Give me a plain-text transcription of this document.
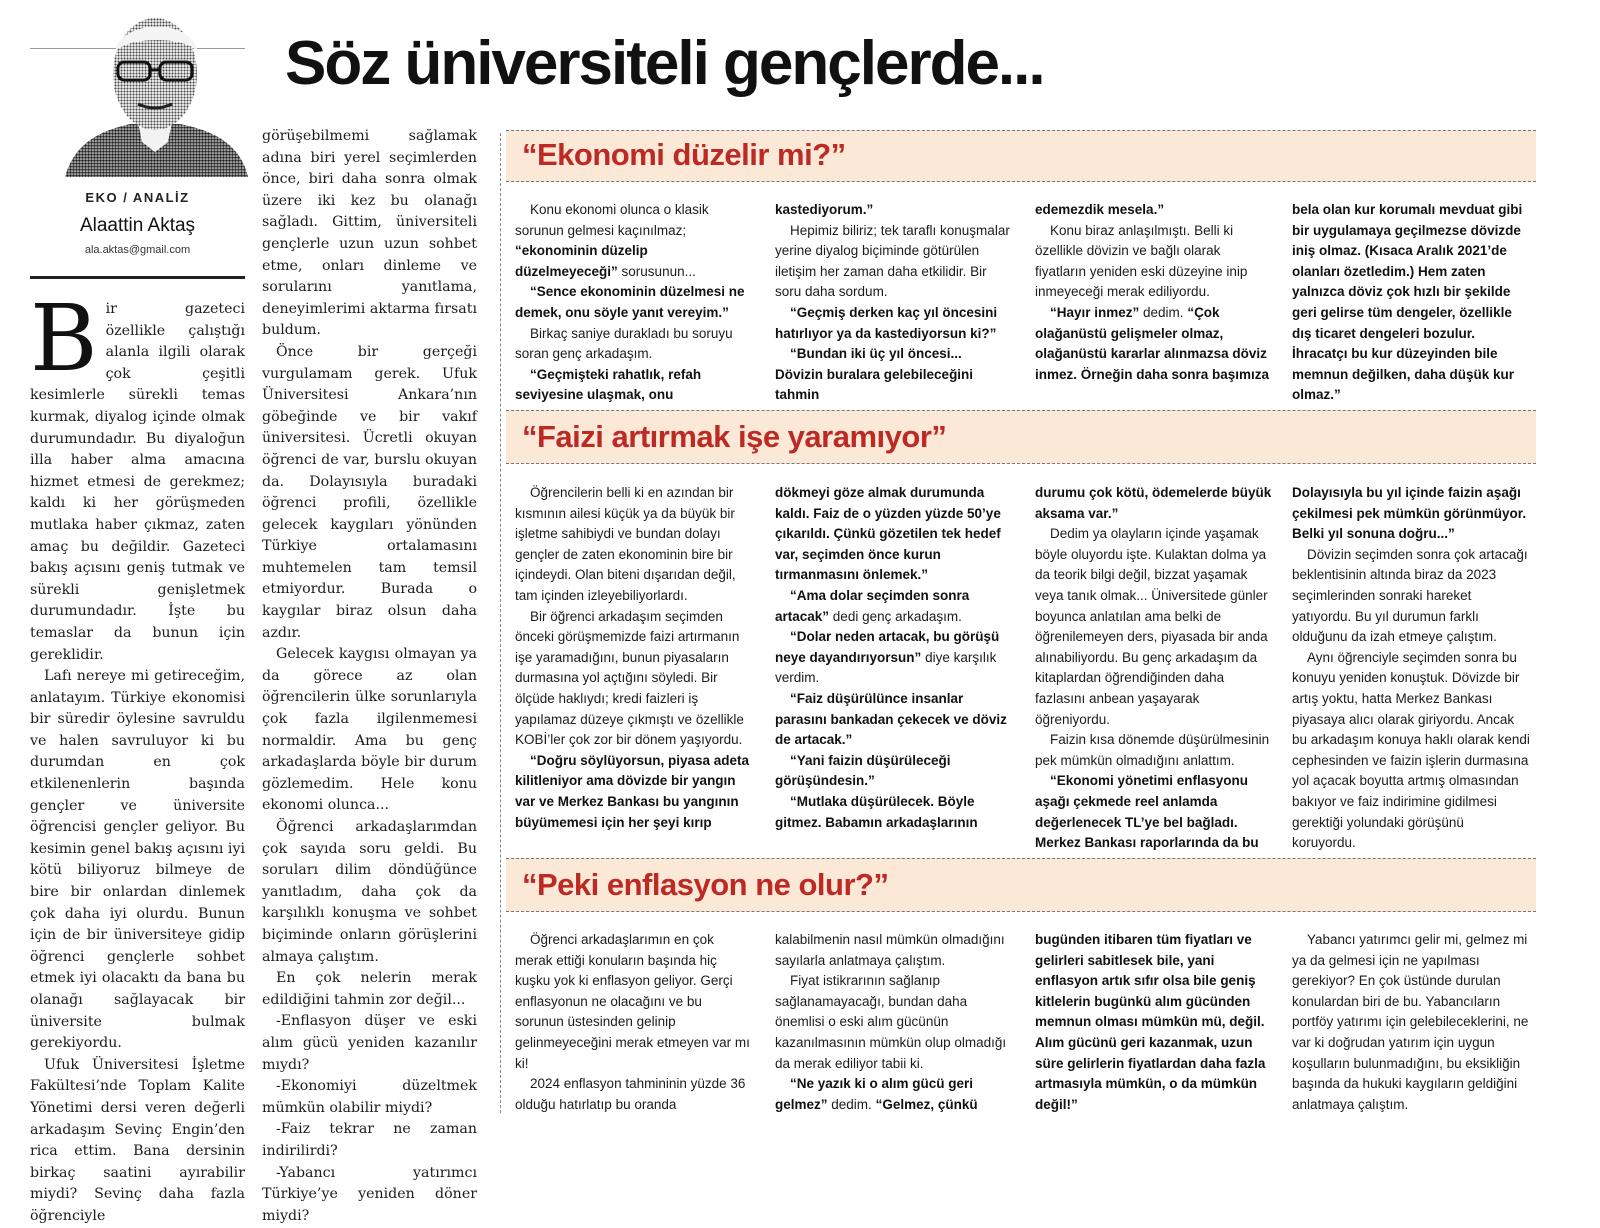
EKO / ANALİZ
Alaattin Aktaş
ala.aktas@gmail.com
Söz üniversiteli gençlerde...
B ir gazeteci özellikle çalıştığı alanla ilgili olarak çok çeşitli kesimlerle sürekli temas kurmak, diyalog içinde olmak durumundadır. Bu diyaloğun illa haber alma amacına hizmet etmesi de gerekmez; kaldı ki her görüşmeden mutlaka haber çıkmaz, zaten amaç bu değildir. Gazeteci bakış açısını geniş tutmak ve sürekli genişletmek durumundadır. İşte bu temaslar da bunun için gereklidir.

Lafı nereye mi getireceğim, anlatayım. Türkiye ekonomisi bir süredir öylesine savruldu ve halen savruluyor ki bu durumdan en çok etkilenenlerin başında gençler ve üniversite öğrencisi gençler geliyor. Bu kesimin genel bakış açısını iyi kötü biliyoruz bilmeye de bire bir onlardan dinlemek çok daha iyi olurdu. Bunun için de bir üniversiteye gidip öğrenci gençlerle sohbet etmek iyi olacaktı da bana bu olanağı sağlayacak bir üniversite bulmak gerekiyordu.

Ufuk Üniversitesi İşletme Fakültesi’nde Toplam Kalite Yönetimi dersi veren değerli arkadaşım Sevinç Engin’den rica ettim. Bana dersinin birkaç saatini ayırabilir miydi? Sevinç daha fazla öğrenciyle

görüşebilmemi sağlamak adına biri yerel seçimlerden önce, biri daha sonra olmak üzere iki kez bu olanağı sağladı. Gittim, üniversiteli gençlerle uzun uzun sohbet etme, onları dinleme ve sorularını yanıtlama, deneyimlerimi aktarma fırsatı buldum.

Önce bir gerçeği vurgulamam gerek. Ufuk Üniversitesi Ankara’nın göbeğinde ve bir vakıf üniversitesi. Ücretli okuyan öğrenci de var, burslu okuyan da. Dolayısıyla buradaki öğrenci profili, özellikle gelecek kaygıları yönünden Türkiye ortalamasını muhtemelen tam temsil etmiyordur. Burada o kaygılar biraz olsun daha azdır.

Gelecek kaygısı olmayan ya da görece az olan öğrencilerin ülke sorunlarıyla çok fazla ilgilenmemesi normaldir. Ama bu genç arkadaşlarda böyle bir durum gözlemedim. Hele konu ekonomi olunca...

Öğrenci arkadaşlarımdan çok sayıda soru geldi. Bu soruları dilim döndüğünce yanıtladım, daha çok da karşılıklı konuşma ve sohbet biçiminde onların görüşlerini almaya çalıştım.

En çok nelerin merak edildiğini tahmin zor değil...

-Enflasyon düşer ve eski alım gücü yeniden kazanılır mıydı?

-Ekonomiyi düzeltmek mümkün olabilir miydi?

-Faiz tekrar ne zaman indirilirdi?

-Yabancı yatırımcı Türkiye’ye yeniden döner miydi?

“Ekonomi düzelir mi?”

Konu ekonomi olunca o klasik sorunun gelmesi kaçınılmaz; “ekonominin düzelip düzelmeyeceği” sorusunun...

“Sence ekonominin düzelmesi ne demek, onu söyle yanıt vereyim.”

Birkaç saniye durakladı bu soruyu soran genç arkadaşım.

“Geçmişteki rahatlık, refah seviyesine ulaşmak, onu

kastediyorum.”

Hepimiz biliriz; tek taraflı konuşmalar yerine diyalog biçiminde götürülen iletişim her zaman daha etkilidir. Bir soru daha sordum.

“Geçmiş derken kaç yıl öncesini hatırlıyor ya da kastediyorsun ki?”

“Bundan iki üç yıl öncesi... Dövizin buralara gelebileceğini tahmin

edemezdik mesela.”

Konu biraz anlaşılmıştı. Belli ki özellikle dövizin ve bağlı olarak fiyatların yeniden eski düzeyine inip inmeyeceği merak ediliyordu.

“Hayır inmez” dedim. “Çok olağanüstü gelişmeler olmaz, olağanüstü kararlar alınmazsa döviz inmez. Örneğin daha sonra başımıza

bela olan kur korumalı mevduat gibi bir uygulamaya geçilmezse dövizde iniş olmaz. (Kısaca Aralık 2021’de olanları özetledim.) Hem zaten yalnızca döviz çok hızlı bir şekilde geri gelirse tüm dengeler, özellikle dış ticaret dengeleri bozulur. İhracatçı bu kur düzeyinden bile memnun değilken, daha düşük kur olmaz.”

“Faizi artırmak işe yaramıyor”

Öğrencilerin belli ki en azından bir kısmının ailesi küçük ya da büyük bir işletme sahibiydi ve bundan dolayı gençler de zaten ekonominin bire bir içindeydi. Olan biteni dışarıdan değil, tam içinden izleyebiliyorlardı.

Bir öğrenci arkadaşım seçimden önceki görüşmemizde faizi artırmanın işe yaramadığını, bunun piyasaların durmasına yol açtığını söyledi. Bir ölçüde haklıydı; kredi faizleri iş yapılamaz düzeye çıkmıştı ve özellikle KOBİ’ler çok zor bir dönem yaşıyordu.

“Doğru söylüyorsun, piyasa adeta kilitleniyor ama dövizde bir yangın var ve Merkez Bankası bu yangının büyümemesi için her şeyi kırıp

dökmeyi göze almak durumunda kaldı. Faiz de o yüzden yüzde 50’ye çıkarıldı. Çünkü gözetilen tek hedef var, seçimden önce kurun tırmanmasını önlemek.”

“Ama dolar seçimden sonra artacak” dedi genç arkadaşım.

“Dolar neden artacak, bu görüşü neye dayandırıyorsun” diye karşılık verdim.

“Faiz düşürülünce insanlar parasını bankadan çekecek ve döviz de artacak.”

“Yani faizin düşürüleceği görüşündesin.”

“Mutlaka düşürülecek. Böyle gitmez. Babamın arkadaşlarının

durumu çok kötü, ödemelerde büyük aksama var.”

Dedim ya olayların içinde yaşamak böyle oluyordu işte. Kulaktan dolma ya da teorik bilgi değil, bizzat yaşamak veya tanık olmak... Üniversitede günler boyunca anlatılan ama belki de öğrenilemeyen ders, piyasada bir anda alınabiliyordu. Bu genç arkadaşım da kitaplardan öğrendiğinden daha fazlasını anbean yaşayarak öğreniyordu.

Faizin kısa dönemde düşürülmesinin pek mümkün olmadığını anlattım.

“Ekonomi yönetimi enflasyonu aşağı çekmede reel anlamda değerlenecek TL’ye bel bağladı. Merkez Bankası raporlarında da bu

Dolayısıyla bu yıl içinde faizin aşağı çekilmesi pek mümkün görünmüyor. Belki yıl sonuna doğru...”

Dövizin seçimden sonra çok artacağı beklentisinin altında biraz da 2023 seçimlerinden sonraki hareket yatıyordu. Bu yıl durumun farklı olduğunu da izah etmeye çalıştım.

Aynı öğrenciyle seçimden sonra bu konuyu yeniden konuştuk. Dövizde bir artış yoktu, hatta Merkez Bankası piyasaya alıcı olarak giriyordu. Ancak bu arkadaşım konuya haklı olarak kendi cephesinden ve faizin işlerin durmasına yol açacak boyutta artmış olmasından bakıyor ve faiz indirimine gidilmesi gerektiği yolundaki görüşünü koruyordu.

“Peki enflasyon ne olur?”

Öğrenci arkadaşlarımın en çok merak ettiği konuların başında hiç kuşku yok ki enflasyon geliyor. Gerçi enflasyonun ne olacağını ve bu sorunun üstesinden gelinip gelinmeyeceğini merak etmeyen var mı ki!

2024 enflasyon tahmininin yüzde 36 olduğu hatırlatıp bu oranda

kalabilmenin nasıl mümkün olmadığını sayılarla anlatmaya çalıştım.

Fiyat istikrarının sağlanıp sağlanamayacağı, bundan daha önemlisi o eski alım gücünün kazanılmasının mümkün olup olmadığı da merak ediliyor tabii ki.

“Ne yazık ki o alım gücü geri gelmez” dedim. “Gelmez, çünkü

bugünden itibaren tüm fiyatları ve gelirleri sabitlesek bile, yani enflasyon artık sıfır olsa bile geniş kitlelerin bugünkü alım gücünden memnun olması mümkün mü, değil. Alım gücünü geri kazanmak, uzun süre gelirlerin fiyatlardan daha fazla artmasıyla mümkün, o da mümkün değil!”

Yabancı yatırımcı gelir mi, gelmez mi ya da gelmesi için ne yapılması gerekiyor? En çok üstünde durulan konulardan biri de bu. Yabancıların portföy yatırımı için gelebileceklerini, ne var ki doğrudan yatırım için uygun koşulların bulunmadığını, bu eksikliğin başında da hukuki kaygıların geldiğini anlatmaya çalıştım.
